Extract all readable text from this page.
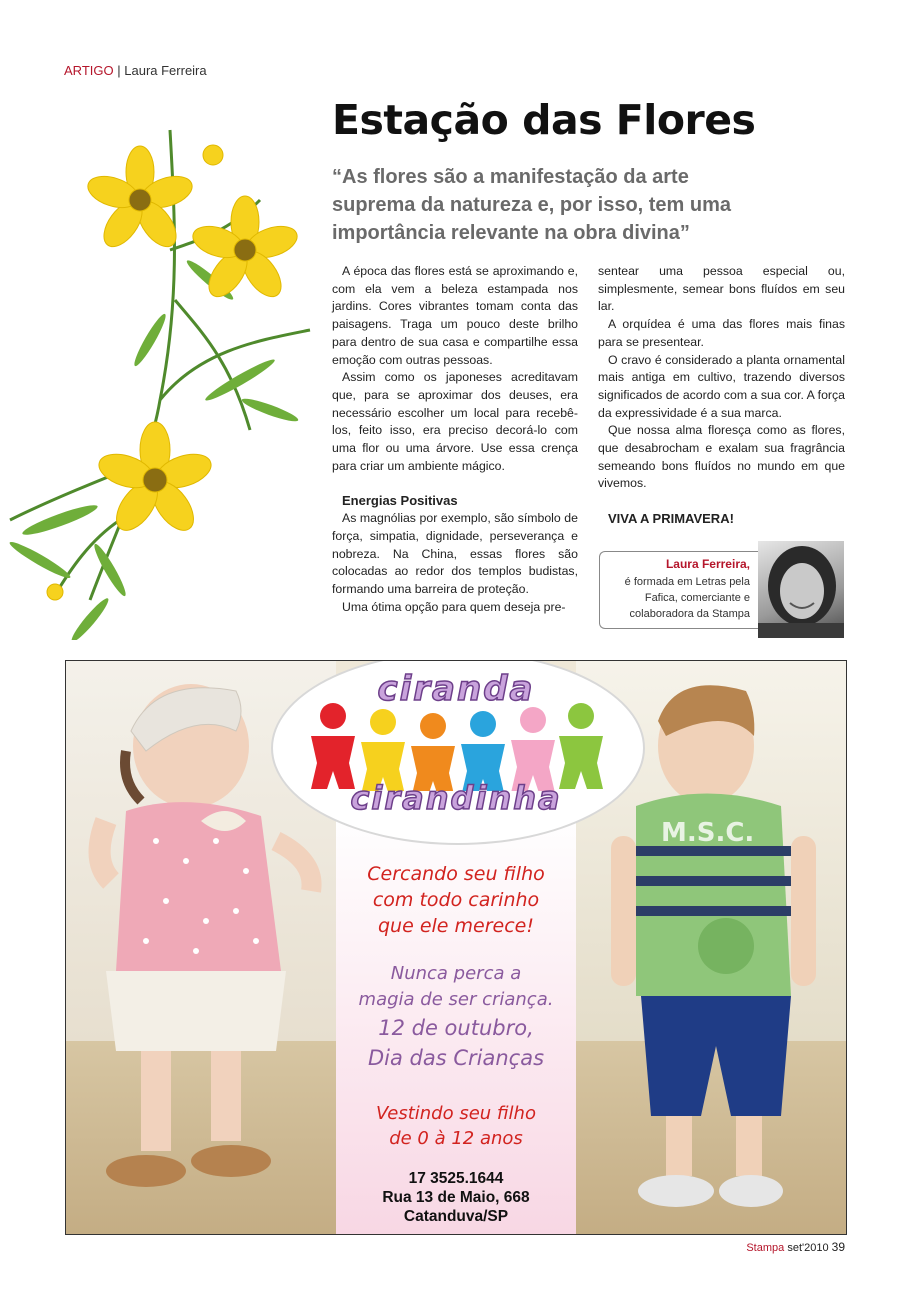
ARTIGO | Laura Ferreira
Estação das Flores
“As flores são a manifestação da arte suprema da natureza e, por isso, tem uma importância relevante na obra divina”

A época das flores está se aproximando e, com ela vem a beleza estampada nos jardins. Cores vibrantes tomam conta das paisagens. Traga um pouco deste brilho para dentro de sua casa e compartilhe essa emoção com outras pessoas.

Assim como os japoneses acreditavam que, para se aproximar dos deuses, era necessário escolher um local para recebê-los, feito isso, era preciso decorá-lo com uma flor ou uma árvore. Use essa crença para criar um ambiente mágico.

Energias Positivas

As magnólias por exemplo, são símbolo de força, simpatia, dignidade, perseverança e nobreza. Na China, essas flores são colocadas ao redor dos templos budistas, formando uma barreira de proteção.

Uma ótima opção para quem deseja pre-

sentear uma pessoa especial ou, simplesmente, semear bons fluídos em seu lar.

A orquídea é uma das flores mais finas para se presentear.

O cravo é considerado a planta ornamental mais antiga em cultivo, trazendo diversos significados de acordo com a sua cor. A força da expressividade é a sua marca.

Que nossa alma floresça como as flores, que desabrocham e exalam sua fragrância semeando bons fluídos no mundo em que vivemos.

VIVA A PRIMAVERA!
Laura Ferreira,
é formada em Letras pela
Fafica, comerciante e
colaboradora da Stampa
M.S.C.
ciranda
cirandinha
Cercando seu filho
com todo carinho
que ele merece!
Nunca perca a
magia de ser criança.
12 de outubro,
Dia das Crianças
Vestindo seu filho
de 0 à 12 anos
17 3525.1644
Rua 13 de Maio, 668
Catanduva/SP
Stampa set'2010 39
